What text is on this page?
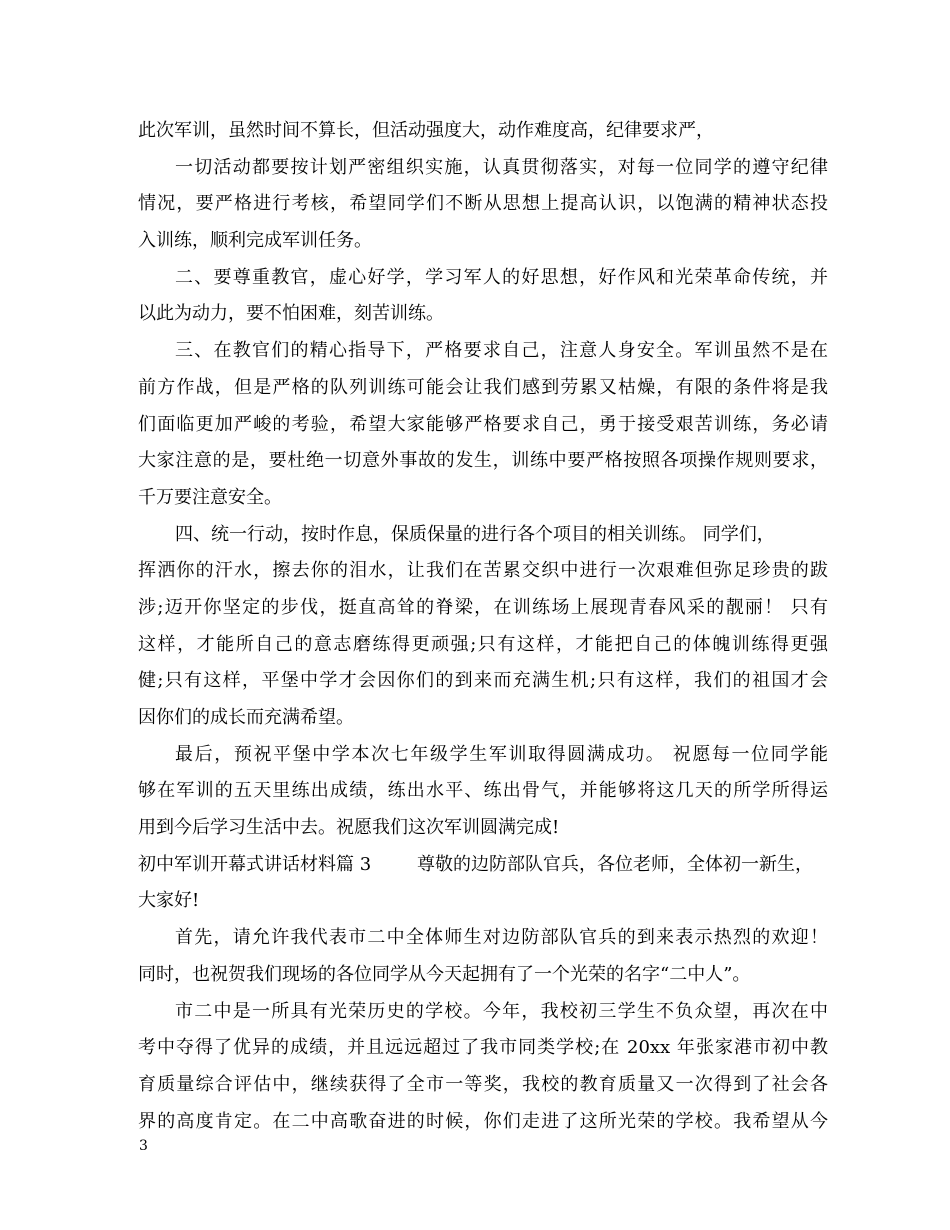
此次军训，虽然时间不算长，但活动强度大，动作难度高，纪律要求严，
一切活动都要按计划严密组织实施，认真贯彻落实，对每一位同学的遵守纪律
情况，要严格进行考核，希望同学们不断从思想上提高认识，以饱满的精神状态投
入训练，顺利完成军训任务。
二、要尊重教官，虚心好学，学习军人的好思想，好作风和光荣革命传统，并
以此为动力，要不怕困难，刻苦训练。
三、在教官们的精心指导下，严格要求自己，注意人身安全。军训虽然不是在
前方作战，但是严格的队列训练可能会让我们感到劳累又枯燥，有限的条件将是我
们面临更加严峻的考验，希望大家能够严格要求自己，勇于接受艰苦训练，务必请
大家注意的是，要杜绝一切意外事故的发生，训练中要严格按照各项操作规则要求，
千万要注意安全。
四、统一行动，按时作息，保质保量的进行各个项目的相关训练。 同学们，
挥洒你的汗水，擦去你的泪水，让我们在苦累交织中进行一次艰难但弥足珍贵的跋
涉;迈开你坚定的步伐，挺直高耸的脊梁，在训练场上展现青春风采的靓丽！ 只有
这样，才能所自己的意志磨练得更顽强;只有这样，才能把自己的体魄训练得更强
健;只有这样，平堡中学才会因你们的到来而充满生机;只有这样，我们的祖国才会
因你们的成长而充满希望。
最后，预祝平堡中学本次七年级学生军训取得圆满成功。 祝愿每一位同学能
够在军训的五天里练出成绩，练出水平、练出骨气，并能够将这几天的所学所得运
用到今后学习生活中去。祝愿我们这次军训圆满完成!
初中军训开幕式讲话材料篇 3        尊敬的边防部队官兵，各位老师，全体初一新生，
大家好!
首先，请允许我代表市二中全体师生对边防部队官兵的到来表示热烈的欢迎！
同时，也祝贺我们现场的各位同学从今天起拥有了一个光荣的名字“二中人”。
市二中是一所具有光荣历史的学校。今年，我校初三学生不负众望，再次在中
考中夺得了优异的成绩，并且远远超过了我市同类学校;在 20xx 年张家港市初中教
育质量综合评估中，继续获得了全市一等奖，我校的教育质量又一次得到了社会各
界的高度肯定。在二中高歌奋进的时候，你们走进了这所光荣的学校。我希望从今
3
